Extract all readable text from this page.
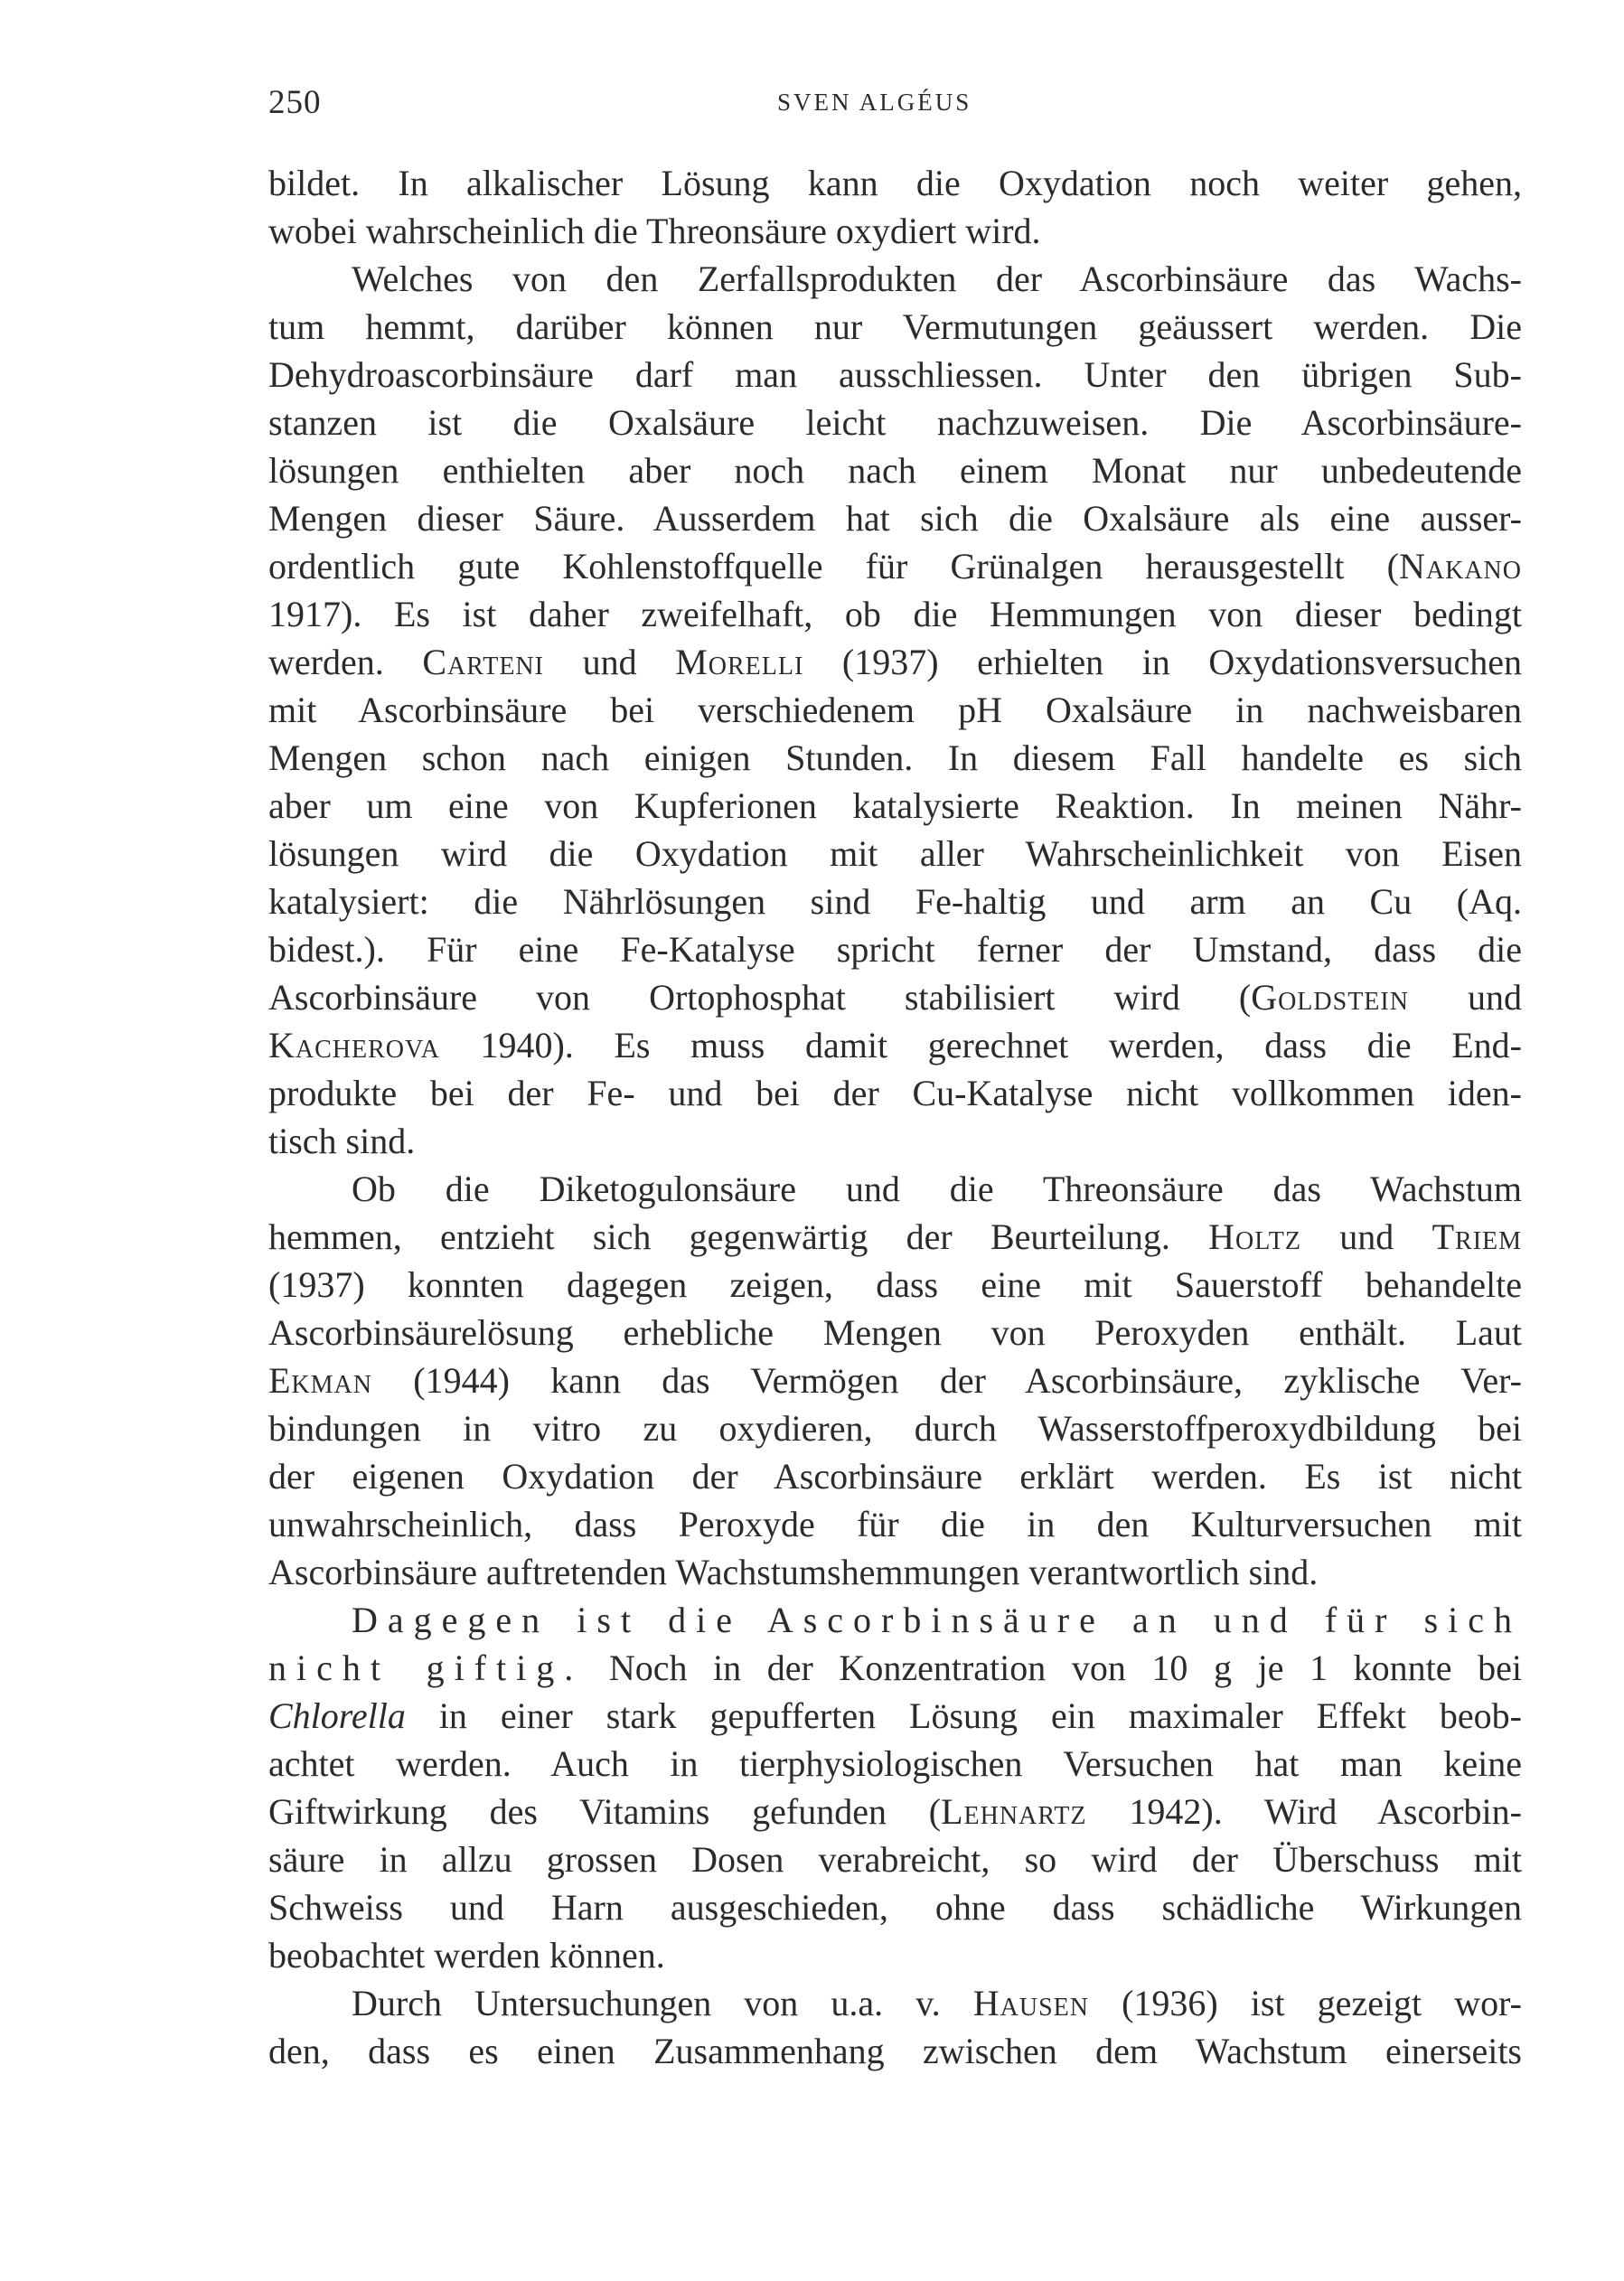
250	SVEN ALGÉUS
bildet. In alkalischer Lösung kann die Oxydation noch weiter gehen,
wobei wahrscheinlich die Threonsäure oxydiert wird.
Welches von den Zerfallsprodukten der Ascorbinsäure das Wachs-
tum hemmt, darüber können nur Vermutungen geäussert werden. Die
Dehydroascorbinsäure darf man ausschliessen. Unter den übrigen Sub-
stanzen ist die Oxalsäure leicht nachzuweisen. Die Ascorbinsäure-
lösungen enthielten aber noch nach einem Monat nur unbedeutende
Mengen dieser Säure. Ausserdem hat sich die Oxalsäure als eine ausser-
ordentlich gute Kohlenstoffquelle für Grünalgen herausgestellt (Nakano
1917). Es ist daher zweifelhaft, ob die Hemmungen von dieser bedingt
werden. Carteni und Morelli (1937) erhielten in Oxydationsversuchen
mit Ascorbinsäure bei verschiedenem pH Oxalsäure in nachweisbaren
Mengen schon nach einigen Stunden. In diesem Fall handelte es sich
aber um eine von Kupferionen katalysierte Reaktion. In meinen Nähr-
lösungen wird die Oxydation mit aller Wahrscheinlichkeit von Eisen
katalysiert: die Nährlösungen sind Fe-haltig und arm an Cu (Aq.
bidest.). Für eine Fe-Katalyse spricht ferner der Umstand, dass die
Ascorbinsäure von Ortophosphat stabilisiert wird (Goldstein und
Kacherova 1940). Es muss damit gerechnet werden, dass die End-
produkte bei der Fe- und bei der Cu-Katalyse nicht vollkommen iden-
tisch sind.
Ob die Diketogulonsäure und die Threonsäure das Wachstum
hemmen, entzieht sich gegenwärtig der Beurteilung. Holtz und Triem
(1937) konnten dagegen zeigen, dass eine mit Sauerstoff behandelte
Ascorbinsäurelösung erhebliche Mengen von Peroxyden enthält. Laut
Ekman (1944) kann das Vermögen der Ascorbinsäure, zyklische Ver-
bindungen in vitro zu oxydieren, durch Wasserstoffperoxydbildung bei
der eigenen Oxydation der Ascorbinsäure erklärt werden. Es ist nicht
unwahrscheinlich, dass Peroxyde für die in den Kulturversuchen mit
Ascorbinsäure auftretenden Wachstumshemmungen verantwortlich sind.
Dagegen ist die Ascorbinsäure an und für sich
nicht giftig. Noch in der Konzentration von 10 g je 1 konnte bei
Chlorella in einer stark gepufferten Lösung ein maximaler Effekt beob-
achtet werden. Auch in tierphysiologischen Versuchen hat man keine
Giftwirkung des Vitamins gefunden (Lehnartz 1942). Wird Ascorbin-
säure in allzu grossen Dosen verabreicht, so wird der Überschuss mit
Schweiss und Harn ausgeschieden, ohne dass schädliche Wirkungen
beobachtet werden können.
Durch Untersuchungen von u.a. v. Hausen (1936) ist gezeigt wor-
den, dass es einen Zusammenhang zwischen dem Wachstum einerseits
